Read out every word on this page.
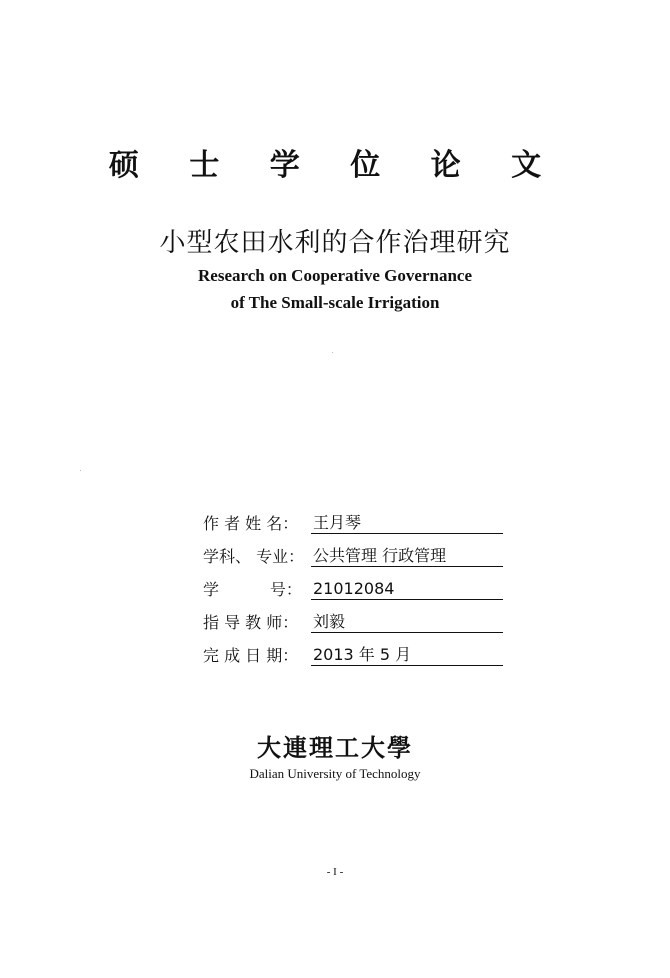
硕 士 学 位 论 文
小型农田水利的合作治理研究
Research on Cooperative Governance
of The Small-scale Irrigation
作 者 姓 名： 王月琴
学科、 专业： 公共管理 行政管理
学          号： 21012084
指 导 教 师： 刘毅
完 成 日 期： 2013 年 5 月
大連理工大學
Dalian University of Technology
- I -
